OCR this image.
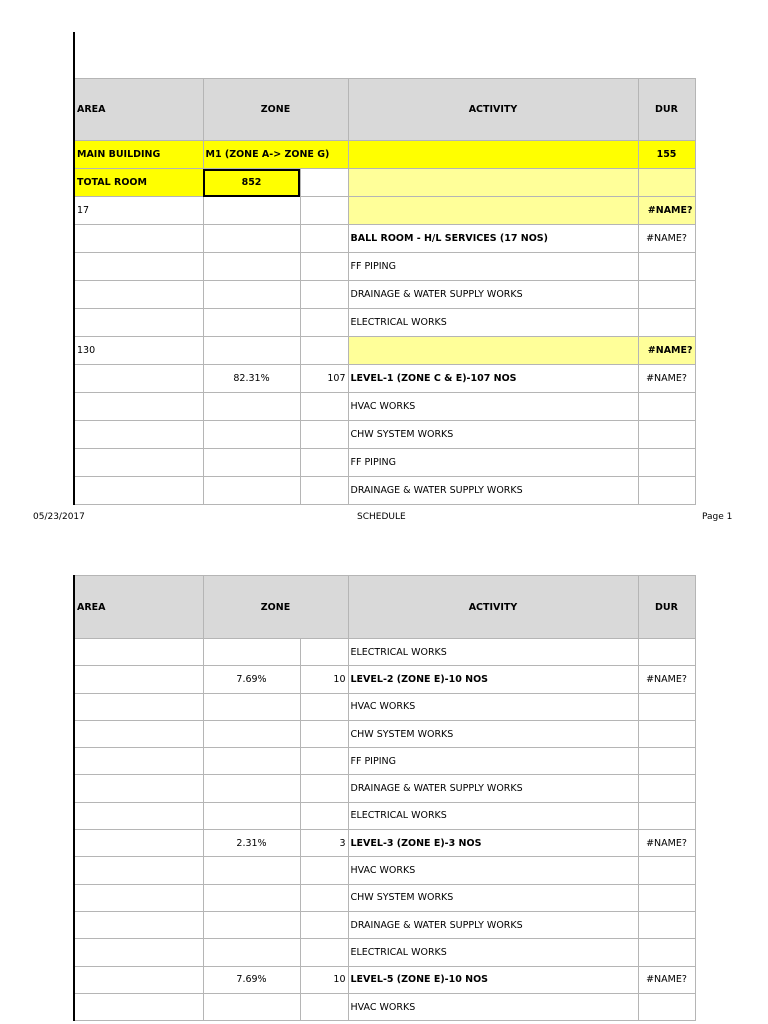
AREA	ZONE		ACTIVITY	DUR
MAIN BUILDING	M1 (ZONE A-> ZONE G)			155
TOTAL ROOM	852			
17				#NAME?
			BALL ROOM - H/L SERVICES (17 NOS)	#NAME?
			FF PIPING	
			DRAINAGE & WATER SUPPLY WORKS	
			ELECTRICAL WORKS	
130				#NAME?
	82.31%	107	LEVEL-1 (ZONE C & E)-107 NOS	#NAME?
			HVAC WORKS	
			CHW SYSTEM WORKS	
			FF PIPING	
			DRAINAGE & WATER SUPPLY WORKS	
05/23/2017	SCHEDULE	Page 1
AREA	ZONE		ACTIVITY	DUR
			ELECTRICAL WORKS	
	7.69%	10	LEVEL-2 (ZONE E)-10 NOS	#NAME?
			HVAC WORKS	
			CHW SYSTEM WORKS	
			FF PIPING	
			DRAINAGE & WATER SUPPLY WORKS	
			ELECTRICAL WORKS	
	2.31%	3	LEVEL-3 (ZONE E)-3 NOS	#NAME?
			HVAC WORKS	
			CHW SYSTEM WORKS	
			DRAINAGE & WATER SUPPLY WORKS	
			ELECTRICAL WORKS	
	7.69%	10	LEVEL-5 (ZONE E)-10 NOS	#NAME?
			HVAC WORKS	
